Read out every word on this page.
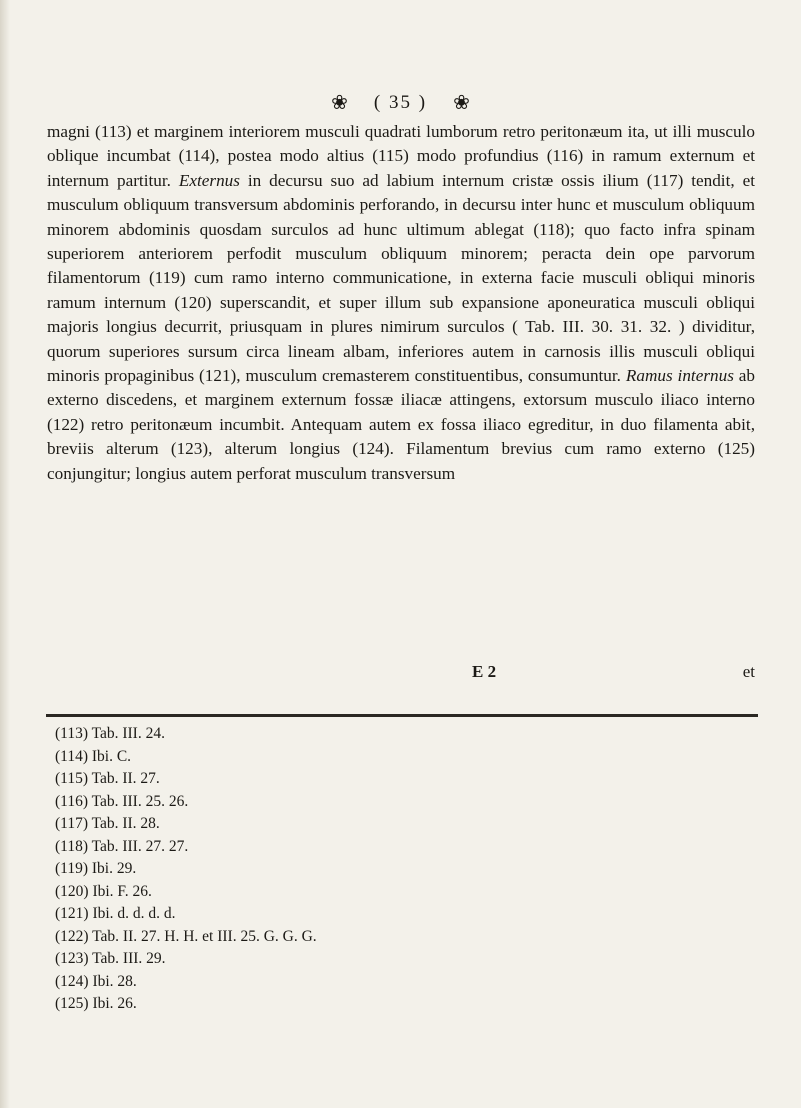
❀ ( 35 ) ❀

magni (113) et marginem interiorem musculi quadrati lumborum retro peritonæum ita, ut illi musculo oblique incumbat (114), postea modo altius (115) modo profundius (116) in ramum externum et internum partitur. Externus in decursu suo ad labium internum cristæ ossis ilium (117) tendit, et musculum obliquum transversum abdominis perforando, in decursu inter hunc et musculum obliquum minorem abdominis quosdam surculos ad hunc ultimum ablegat (118); quo facto infra spinam superiorem anteriorem perfodit musculum obliquum minorem; peracta dein ope parvorum filamentorum (119) cum ramo interno communicatione, in externa facie musculi obliqui minoris ramum internum (120) superscandit, et super illum sub expansione aponeuratica musculi obliqui majoris longius decurrit, priusquam in plures nimirum surculos ( Tab. III. 30. 31. 32. ) dividitur, quorum superiores sursum circa lineam albam, inferiores autem in carnosis illis musculi obliqui minoris propaginibus (121), musculum cremasterem constituentibus, consumuntur. Ramus internus ab externo discedens, et marginem externum fossæ iliacæ attingens, extorsum musculo iliaco interno (122) retro peritonæum incumbit. Antequam autem ex fossa iliaco egreditur, in duo filamenta abit, breviis alterum (123), alterum longius (124). Filamentum brevius cum ramo externo (125) conjungitur; longius autem perforat musculum transversum

E 2	et
(113) Tab. III. 24.
(114) Ibi. C.
(115) Tab. II. 27.
(116) Tab. III. 25. 26.
(117) Tab. II. 28.
(118) Tab. III. 27. 27.
(119) Ibi. 29.
(120) Ibi. F. 26.
(121) Ibi. d. d. d. d.
(122) Tab. II. 27. H. H. et III. 25. G. G. G.
(123) Tab. III. 29.
(124) Ibi. 28.
(125) Ibi. 26.
